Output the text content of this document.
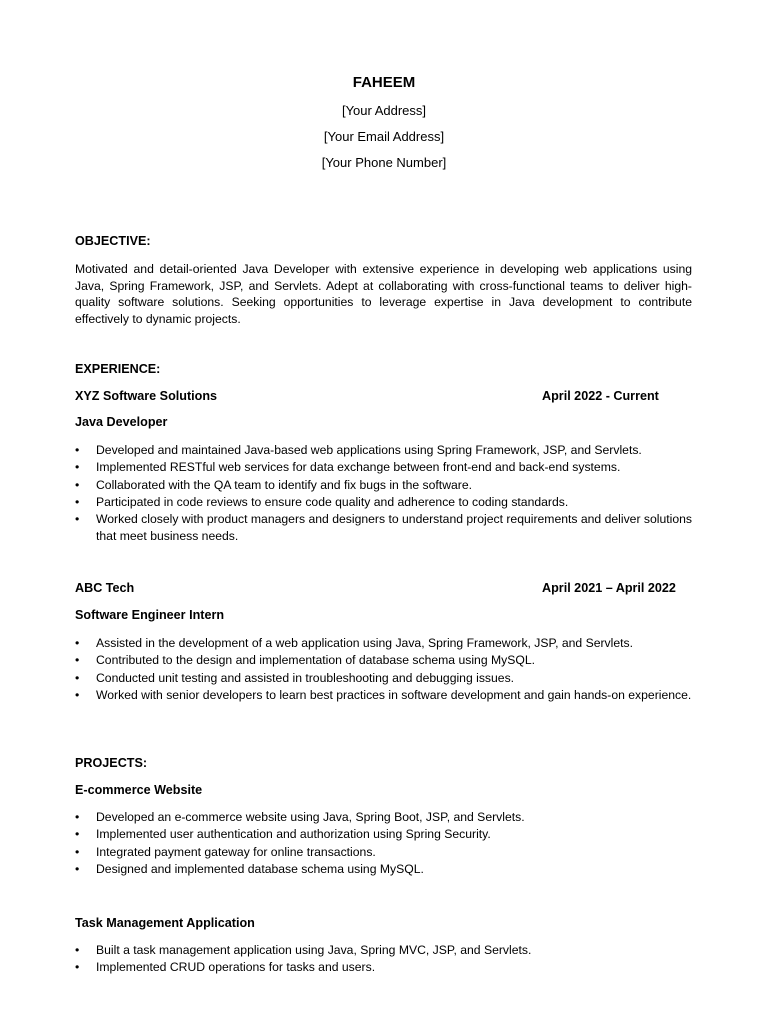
FAHEEM
[Your Address]
[Your Email Address]
[Your Phone Number]
OBJECTIVE:
Motivated and detail-oriented Java Developer with extensive experience in developing web applications using Java, Spring Framework, JSP, and Servlets. Adept at collaborating with cross-functional teams to deliver high-quality software solutions. Seeking opportunities to leverage expertise in Java development to contribute effectively to dynamic projects.
EXPERIENCE:
XYZ Software Solutions	April 2022 - Current
Java Developer
• Developed and maintained Java-based web applications using Spring Framework, JSP, and Servlets.
• Implemented RESTful web services for data exchange between front-end and back-end systems.
• Collaborated with the QA team to identify and fix bugs in the software.
• Participated in code reviews to ensure code quality and adherence to coding standards.
• Worked closely with product managers and designers to understand project requirements and deliver solutions that meet business needs.
ABC Tech	April 2021 – April 2022
Software Engineer Intern
• Assisted in the development of a web application using Java, Spring Framework, JSP, and Servlets.
• Contributed to the design and implementation of database schema using MySQL.
• Conducted unit testing and assisted in troubleshooting and debugging issues.
• Worked with senior developers to learn best practices in software development and gain hands-on experience.
PROJECTS:
E-commerce Website
• Developed an e-commerce website using Java, Spring Boot, JSP, and Servlets.
• Implemented user authentication and authorization using Spring Security.
• Integrated payment gateway for online transactions.
• Designed and implemented database schema using MySQL.
Task Management Application
• Built a task management application using Java, Spring MVC, JSP, and Servlets.
• Implemented CRUD operations for tasks and users.
